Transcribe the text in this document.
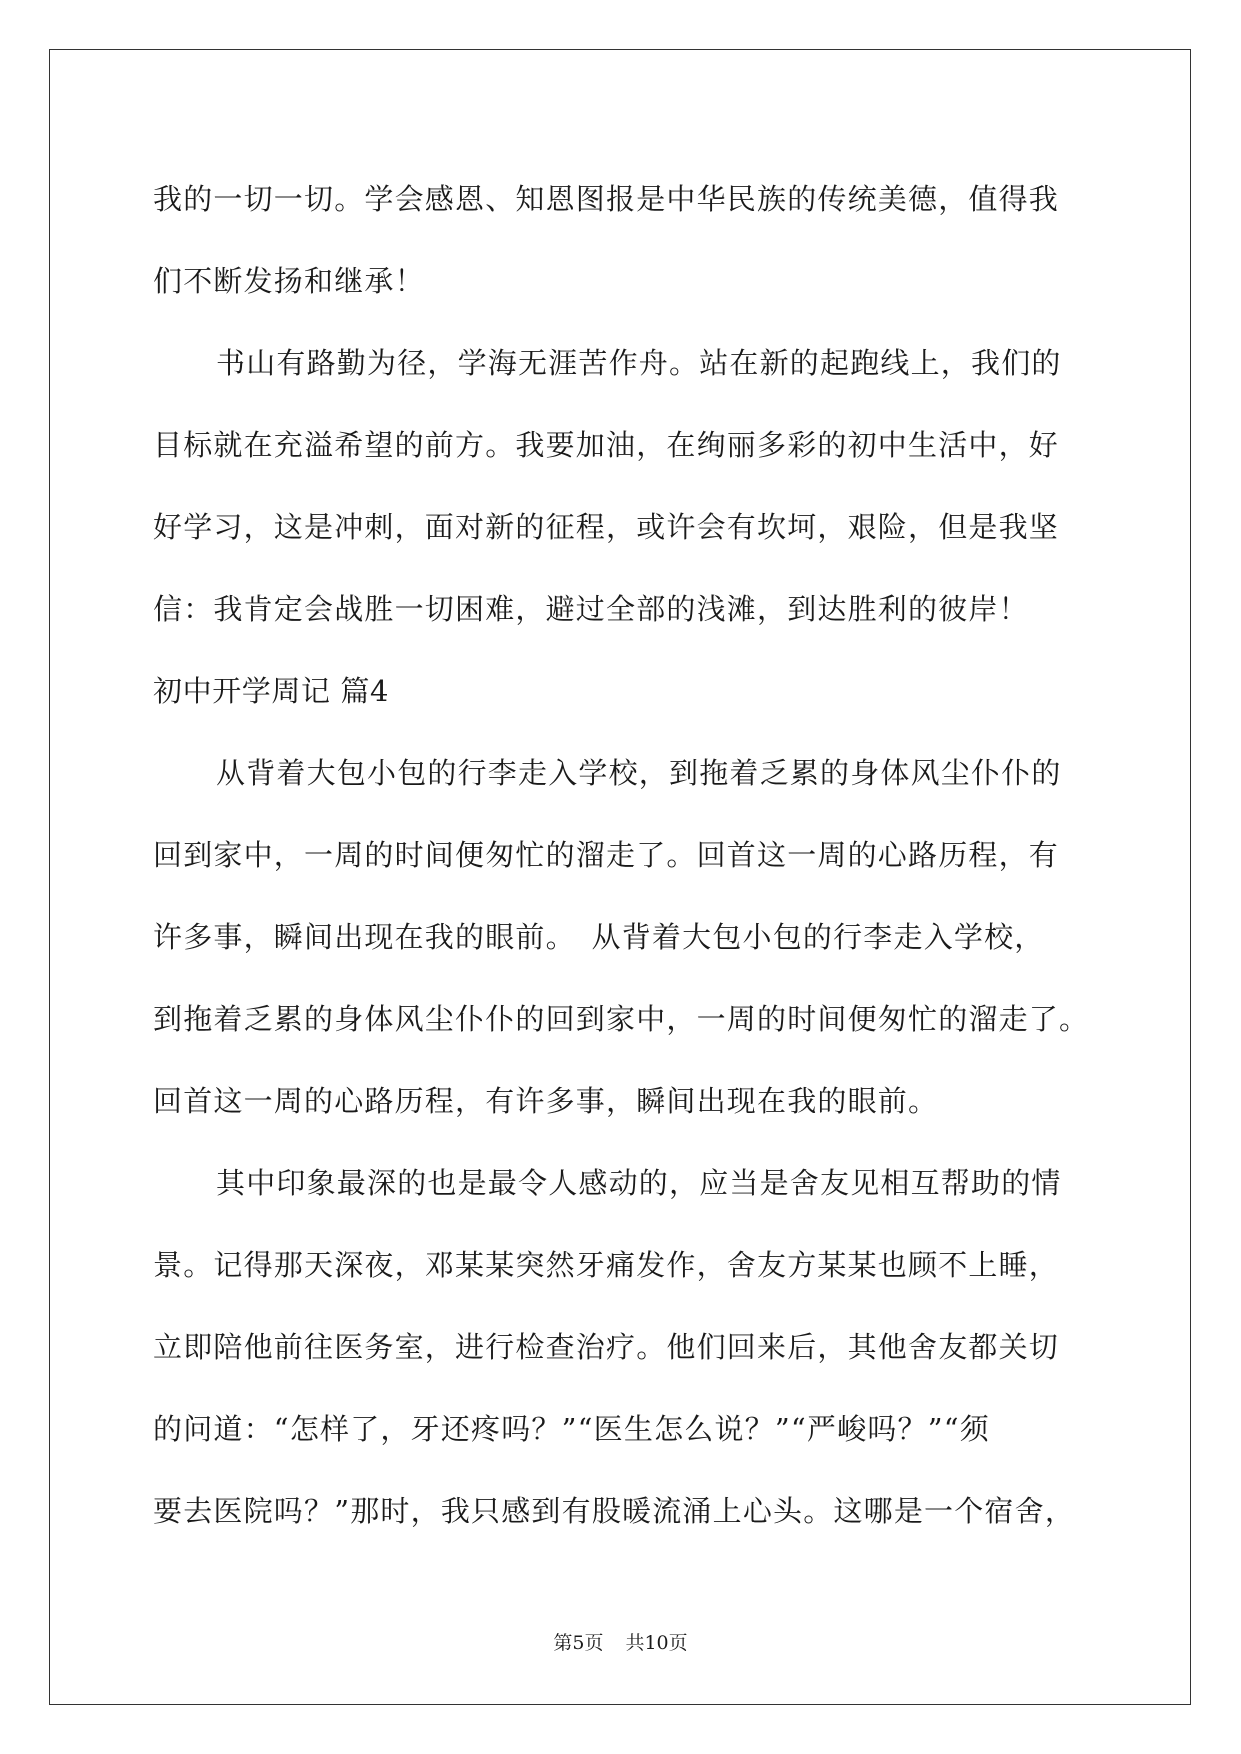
我的一切一切。学会感恩、知恩图报是中华民族的传统美德，值得我
们不断发扬和继承！
书山有路勤为径，学海无涯苦作舟。站在新的起跑线上，我们的
目标就在充溢希望的前方。我要加油，在绚丽多彩的初中生活中，好
好学习，这是冲刺，面对新的征程，或许会有坎坷，艰险，但是我坚
信：我肯定会战胜一切困难，避过全部的浅滩，到达胜利的彼岸！
初中开学周记 篇4
从背着大包小包的行李走入学校，到拖着乏累的身体风尘仆仆的
回到家中，一周的时间便匆忙的溜走了。回首这一周的心路历程，有
许多事，瞬间出现在我的眼前。　从背着大包小包的行李走入学校，
到拖着乏累的身体风尘仆仆的回到家中，一周的时间便匆忙的溜走了。
回首这一周的心路历程，有许多事，瞬间出现在我的眼前。
其中印象最深的也是最令人感动的，应当是舍友见相互帮助的情
景。记得那天深夜，邓某某突然牙痛发作，舍友方某某也顾不上睡，
立即陪他前往医务室，进行检查治疗。他们回来后，其他舍友都关切
的问道：“怎样了，牙还疼吗？”“医生怎么说？”“严峻吗？”“须
要去医院吗？”那时，我只感到有股暖流涌上心头。这哪是一个宿舍，
第5页 共10页
